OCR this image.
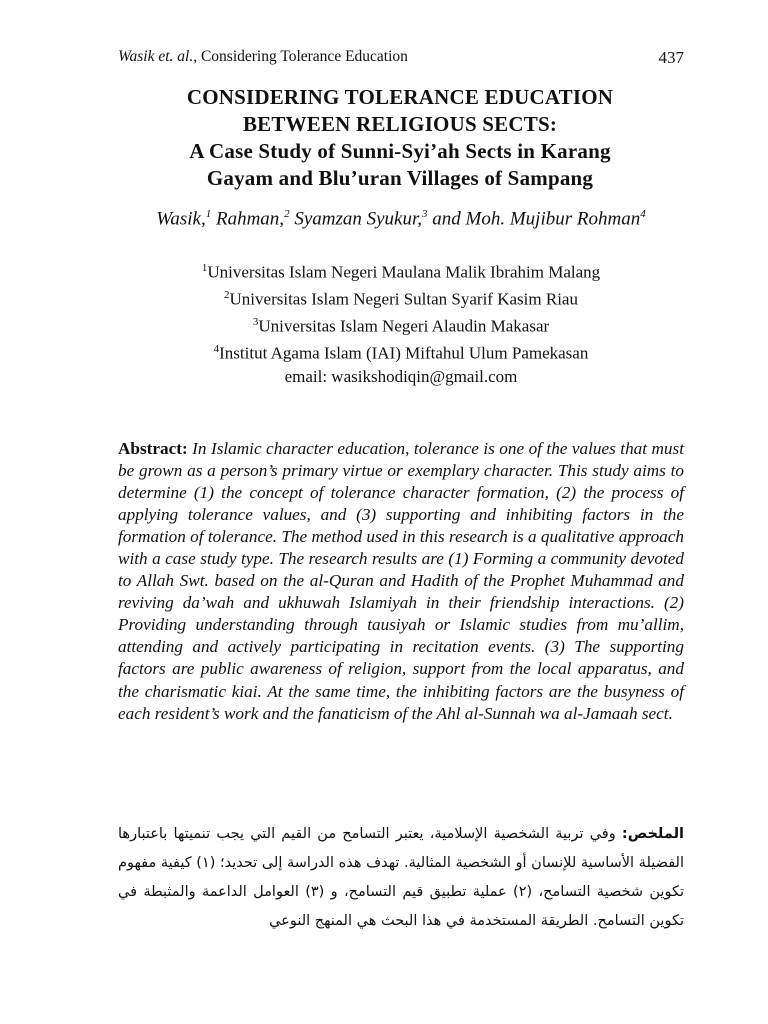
Wasik et. al., Considering Tolerance Education	437
CONSIDERING TOLERANCE EDUCATION
BETWEEN RELIGIOUS SECTS:
A Case Study of Sunni-Syi’ah Sects in Karang
Gayam and Blu’uran Villages of Sampang
Wasik,$^1$ Rahman,$^2$ Syamzan Syukur,$^3$ and Moh. Mujibur Rohman$^4$
$^1$Universitas Islam Negeri Maulana Malik Ibrahim Malang
$^2$Universitas Islam Negeri Sultan Syarif Kasim Riau
$^3$Universitas Islam Negeri Alaudin Makasar
$^4$Institut Agama Islam (IAI) Miftahul Ulum Pamekasan
email: wasikshodiqin@gmail.com
Abstract: In Islamic character education, tolerance is one of the values that must be grown as a person’s primary virtue or exemplary character. This study aims to determine (1) the concept of tolerance character formation, (2) the process of applying tolerance values, and (3) supporting and inhibiting factors in the formation of tolerance. The method used in this research is a qualitative approach with a case study type. The research results are (1) Forming a community devoted to Allah Swt. based on the al-Quran and Hadith of the Prophet Muhammad and reviving da’wah and ukhuwah Islamiyah in their friendship interactions. (2) Providing understanding through tausiyah or Islamic studies from mu’allim, attending and actively participating in recitation events. (3) The supporting factors are public awareness of religion, support from the local apparatus, and the charismatic kiai. At the same time, the inhibiting factors are the busyness of each resident’s work and the fanaticism of the Ahl al-Sunnah wa al-Jamaah sect.
الملخص: وفي تربية الشخصية الإسلامية، يعتبر التسامح من القيم التي يجب تنميتها باعتبارها الفضيلة الأساسية للإنسان أو الشخصية المثالية. تهدف هذه الدراسة إلى تحديد؛ (١) كيفية مفهوم تكوين شخصية التسامح، (٢) عملية تطبيق قيم التسامح، و (٣) العوامل الداعمة والمثبطة في تكوين التسامح. الطريقة المستخدمة في هذا البحث هي المنهج النوعي
